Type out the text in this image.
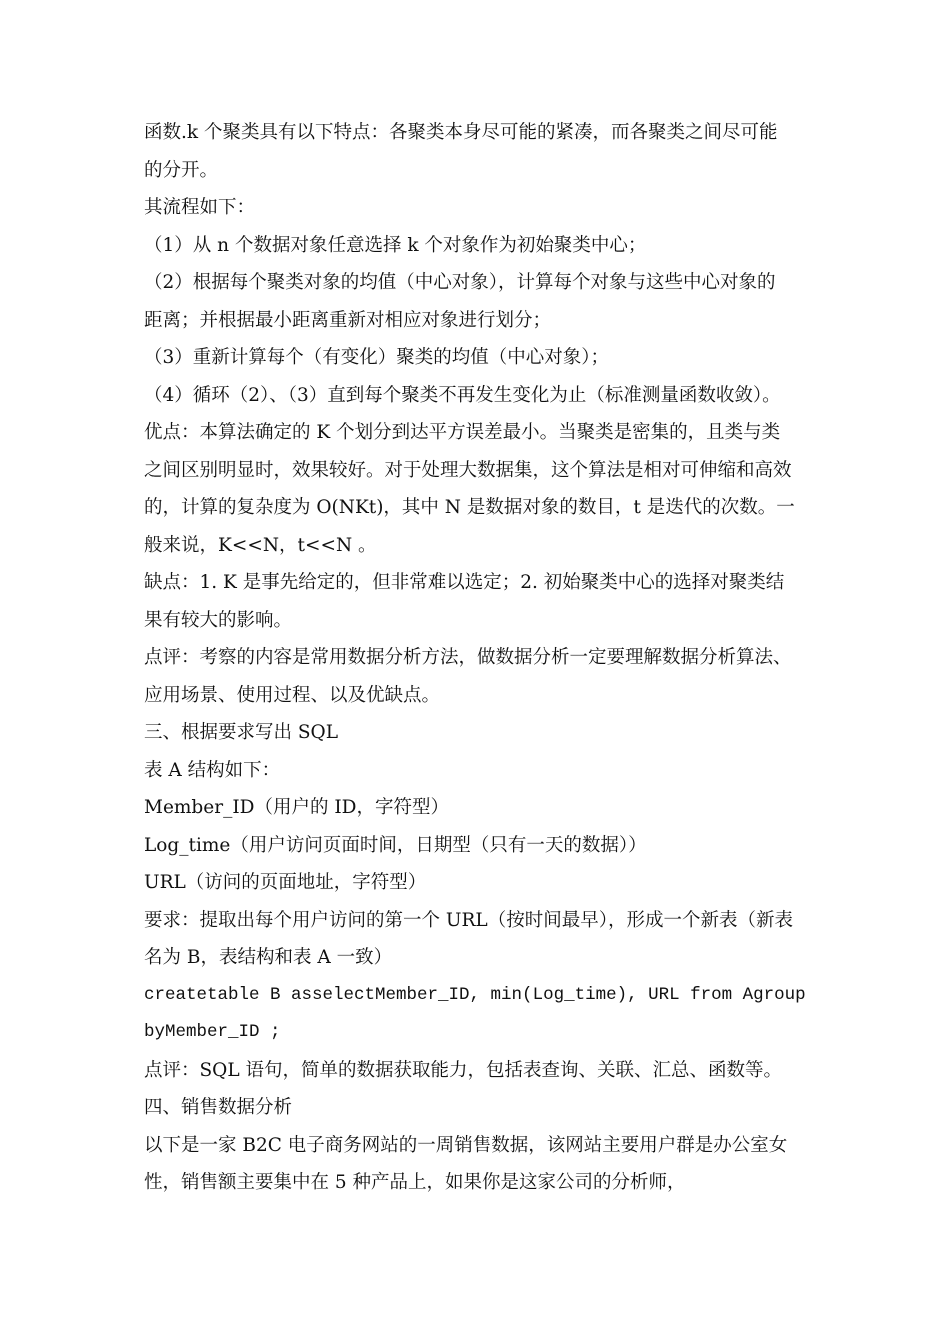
函数.k 个聚类具有以下特点：各聚类本身尽可能的紧凑，而各聚类之间尽可能
的分开。
其流程如下：
（1）从 n 个数据对象任意选择 k 个对象作为初始聚类中心；
（2）根据每个聚类对象的均值（中心对象），计算每个对象与这些中心对象的
距离；并根据最小距离重新对相应对象进行划分；
（3）重新计算每个（有变化）聚类的均值（中心对象）；
（4）循环（2）、（3）直到每个聚类不再发生变化为止（标准测量函数收敛）。
优点：本算法确定的 K 个划分到达平方误差最小。当聚类是密集的，且类与类
之间区别明显时，效果较好。对于处理大数据集，这个算法是相对可伸缩和高效
的，计算的复杂度为 O(NKt)，其中 N 是数据对象的数目，t 是迭代的次数。一
般来说，K<<N，t<<N 。
缺点：1. K 是事先给定的，但非常难以选定；2. 初始聚类中心的选择对聚类结
果有较大的影响。
点评：考察的内容是常用数据分析方法，做数据分析一定要理解数据分析算法、
应用场景、使用过程、以及优缺点。
三、根据要求写出 SQL
表 A 结构如下：
Member_ID（用户的 ID，字符型）
Log_time（用户访问页面时间，日期型（只有一天的数据））
URL（访问的页面地址，字符型）
要求：提取出每个用户访问的第一个 URL（按时间最早），形成一个新表（新表
名为 B，表结构和表 A 一致）
createtable B asselectMember_ID, min(Log_time), URL from Agroup
byMember_ID ;
点评：SQL 语句，简单的数据获取能力，包括表查询、关联、汇总、函数等。
四、销售数据分析
以下是一家 B2C 电子商务网站的一周销售数据，该网站主要用户群是办公室女
性，销售额主要集中在 5 种产品上，如果你是这家公司的分析师，
